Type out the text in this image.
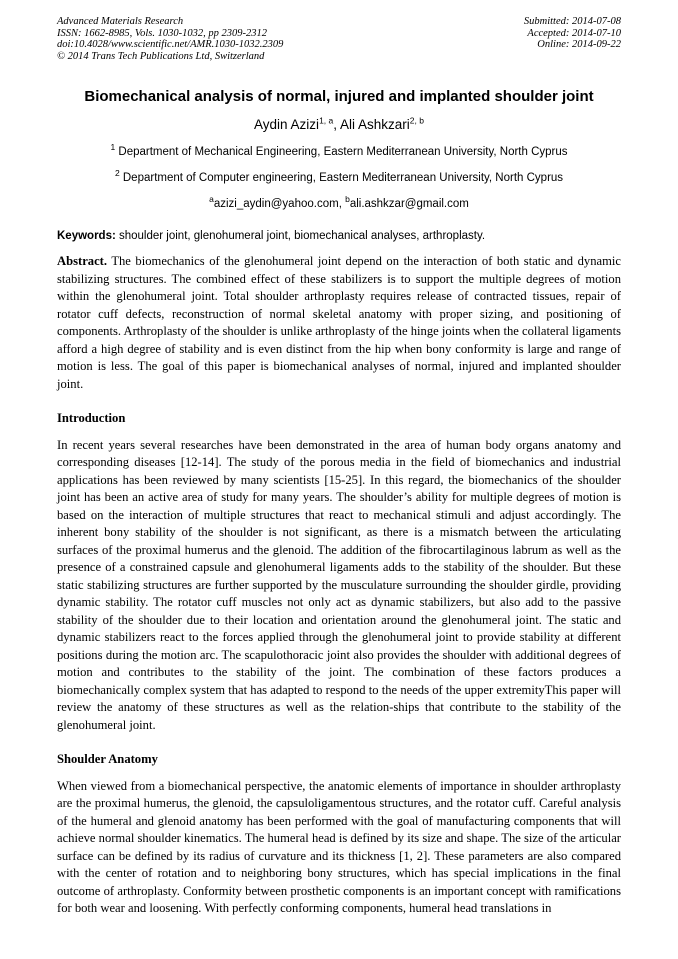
Advanced Materials Research
ISSN: 1662-8985, Vols. 1030-1032, pp 2309-2312
doi:10.4028/www.scientific.net/AMR.1030-1032.2309
© 2014 Trans Tech Publications Ltd, Switzerland
Submitted: 2014-07-08
Accepted: 2014-07-10
Online: 2014-09-22
Biomechanical analysis of normal, injured and implanted shoulder joint
Aydin Azizi$^{1, a}$, Ali Ashkzari$^{2, b}$
$^1$ Department of Mechanical Engineering, Eastern Mediterranean University, North Cyprus
$^2$ Department of Computer engineering, Eastern Mediterranean University, North Cyprus
$^a$azizi_aydin@yahoo.com, $^b$ali.ashkzar@gmail.com
Keywords: shoulder joint, glenohumeral joint, biomechanical analyses, arthroplasty.

Abstract. The biomechanics of the glenohumeral joint depend on the interaction of both static and dynamic stabilizing structures. The combined effect of these stabilizers is to support the multiple degrees of motion within the glenohumeral joint. Total shoulder arthroplasty requires release of contracted tissues, repair of rotator cuff defects, reconstruction of normal skeletal anatomy with proper sizing, and positioning of components. Arthroplasty of the shoulder is unlike arthroplasty of the hinge joints when the collateral ligaments afford a high degree of stability and is even distinct from the hip when bony conformity is large and range of motion is less. The goal of this paper is biomechanical analyses of normal, injured and implanted shoulder joint.

Introduction

In recent years several researches have been demonstrated in the area of human body organs anatomy and corresponding diseases [12-14]. The study of the porous media in the field of biomechanics and industrial applications has been reviewed by many scientists [15-25]. In this regard, the biomechanics of the shoulder joint has been an active area of study for many years. The shoulder’s ability for multiple degrees of motion is based on the interaction of multiple structures that react to mechanical stimuli and adjust accordingly. The inherent bony stability of the shoulder is not significant, as there is a mismatch between the articulating surfaces of the proximal humerus and the glenoid. The addition of the fibrocartilaginous labrum as well as the presence of a constrained capsule and glenohumeral ligaments adds to the stability of the shoulder. But these static stabilizing structures are further supported by the musculature surrounding the shoulder girdle, providing dynamic stability. The rotator cuff muscles not only act as dynamic stabilizers, but also add to the passive stability of the shoulder due to their location and orientation around the glenohumeral joint. The static and dynamic stabilizers react to the forces applied through the glenohumeral joint to provide stability at different positions during the motion arc. The scapulothoracic joint also provides the shoulder with additional degrees of motion and contributes to the stability of the joint. The combination of these factors produces a biomechanically complex system that has adapted to respond to the needs of the upper extremityThis paper will review the anatomy of these structures as well as the relation-ships that contribute to the stability of the glenohumeral joint.

Shoulder Anatomy

When viewed from a biomechanical perspective, the anatomic elements of importance in shoulder arthroplasty are the proximal humerus, the glenoid, the capsuloligamentous structures, and the rotator cuff. Careful analysis of the humeral and glenoid anatomy has been performed with the goal of manufacturing components that will achieve normal shoulder kinematics. The humeral head is defined by its size and shape. The size of the articular surface can be defined by its radius of curvature and its thickness [1, 2]. These parameters are also compared with the center of rotation and to neighboring bony structures, which has special implications in the final outcome of arthroplasty. Conformity between prosthetic components is an important concept with ramifications for both wear and loosening. With perfectly conforming components, humeral head translations in
